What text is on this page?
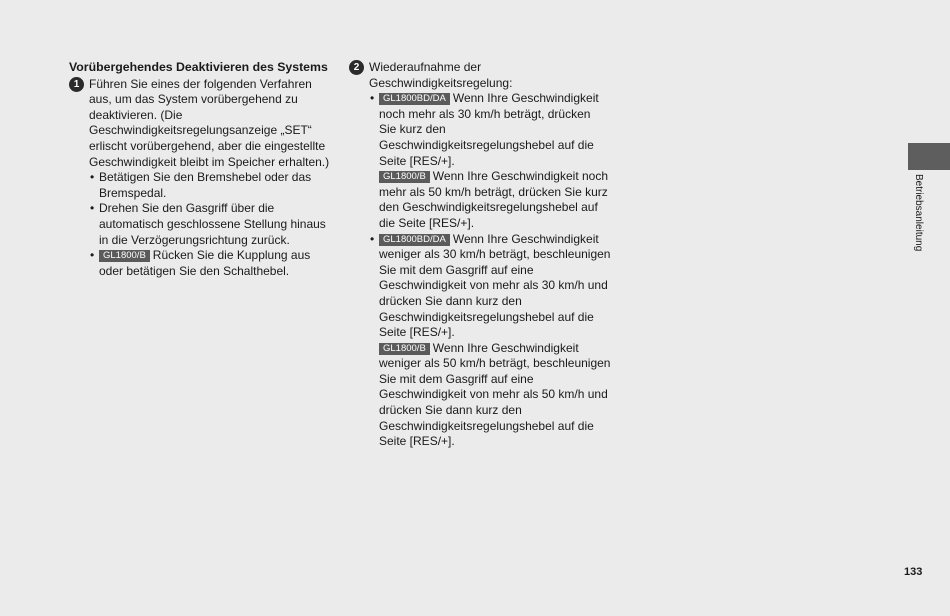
Vorübergehendes Deaktivieren des Systems
1 Führen Sie eines der folgenden Verfahren aus, um das System vorübergehend zu deaktivieren. (Die Geschwindigkeitsregelungsanzeige „SET“ erlischt vorübergehend, aber die eingestellte Geschwindigkeit bleibt im Speicher erhalten.)
• Betätigen Sie den Bremshebel oder das Bremspedal.
• Drehen Sie den Gasgriff über die automatisch geschlossene Stellung hinaus in die Verzögerungsrichtung zurück.
• GL1800/B Rücken Sie die Kupplung aus oder betätigen Sie den Schalthebel.
2 Wiederaufnahme der Geschwindigkeitsregelung:
• GL1800BD/DA Wenn Ihre Geschwindigkeit noch mehr als 30 km/h beträgt, drücken Sie kurz den Geschwindigkeitsregelungshebel auf die Seite [RES/+].
GL1800/B Wenn Ihre Geschwindigkeit noch mehr als 50 km/h beträgt, drücken Sie kurz den Geschwindigkeitsregelungshebel auf die Seite [RES/+].
• GL1800BD/DA Wenn Ihre Geschwindigkeit weniger als 30 km/h beträgt, beschleunigen Sie mit dem Gasgriff auf eine Geschwindigkeit von mehr als 30 km/h und drücken Sie dann kurz den Geschwindigkeitsregelungshebel auf die Seite [RES/+].
GL1800/B Wenn Ihre Geschwindigkeit weniger als 50 km/h beträgt, beschleunigen Sie mit dem Gasgriff auf eine Geschwindigkeit von mehr als 50 km/h und drücken Sie dann kurz den Geschwindigkeitsregelungshebel auf die Seite [RES/+].
Betriebsanleitung
133
